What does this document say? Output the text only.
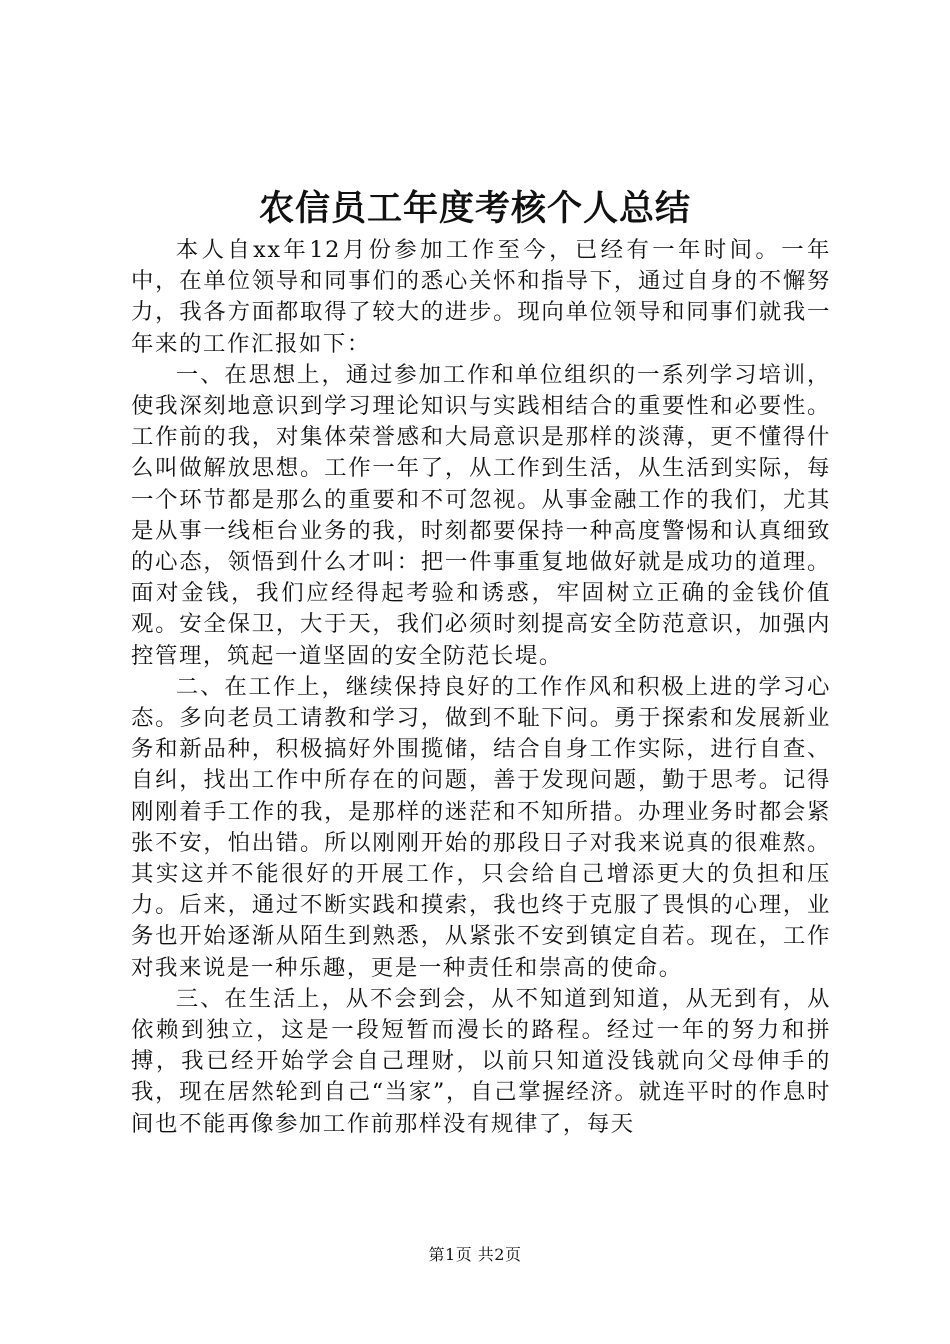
农信员工年度考核个人总结

本人自xx年12月份参加工作至今，已经有一年时间。一年中，在单位领导和同事们的悉心关怀和指导下，通过自身的不懈努力，我各方面都取得了较大的进步。现向单位领导和同事们就我一年来的工作汇报如下：

一、在思想上，通过参加工作和单位组织的一系列学习培训，使我深刻地意识到学习理论知识与实践相结合的重要性和必要性。工作前的我，对集体荣誉感和大局意识是那样的淡薄，更不懂得什么叫做解放思想。工作一年了，从工作到生活，从生活到实际，每一个环节都是那么的重要和不可忽视。从事金融工作的我们，尤其是从事一线柜台业务的我，时刻都要保持一种高度警惕和认真细致的心态，领悟到什么才叫：把一件事重复地做好就是成功的道理。面对金钱，我们应经得起考验和诱惑，牢固树立正确的金钱价值观。安全保卫，大于天，我们必须时刻提高安全防范意识，加强内控管理，筑起一道坚固的安全防范长堤。

二、在工作上，继续保持良好的工作作风和积极上进的学习心态。多向老员工请教和学习，做到不耻下问。勇于探索和发展新业务和新品种，积极搞好外围揽储，结合自身工作实际，进行自查、自纠，找出工作中所存在的问题，善于发现问题，勤于思考。记得刚刚着手工作的我，是那样的迷茫和不知所措。办理业务时都会紧张不安，怕出错。所以刚刚开始的那段日子对我来说真的很难熬。其实这并不能很好的开展工作，只会给自己增添更大的负担和压力。后来，通过不断实践和摸索，我也终于克服了畏惧的心理，业务也开始逐渐从陌生到熟悉，从紧张不安到镇定自若。现在，工作对我来说是一种乐趣，更是一种责任和崇高的使命。

三、在生活上，从不会到会，从不知道到知道，从无到有，从依赖到独立，这是一段短暂而漫长的路程。经过一年的努力和拼搏，我已经开始学会自己理财，以前只知道没钱就向父母伸手的我，现在居然轮到自己“当家”，自己掌握经济。就连平时的作息时间也不能再像参加工作前那样没有规律了，每天

第1页 共2页
